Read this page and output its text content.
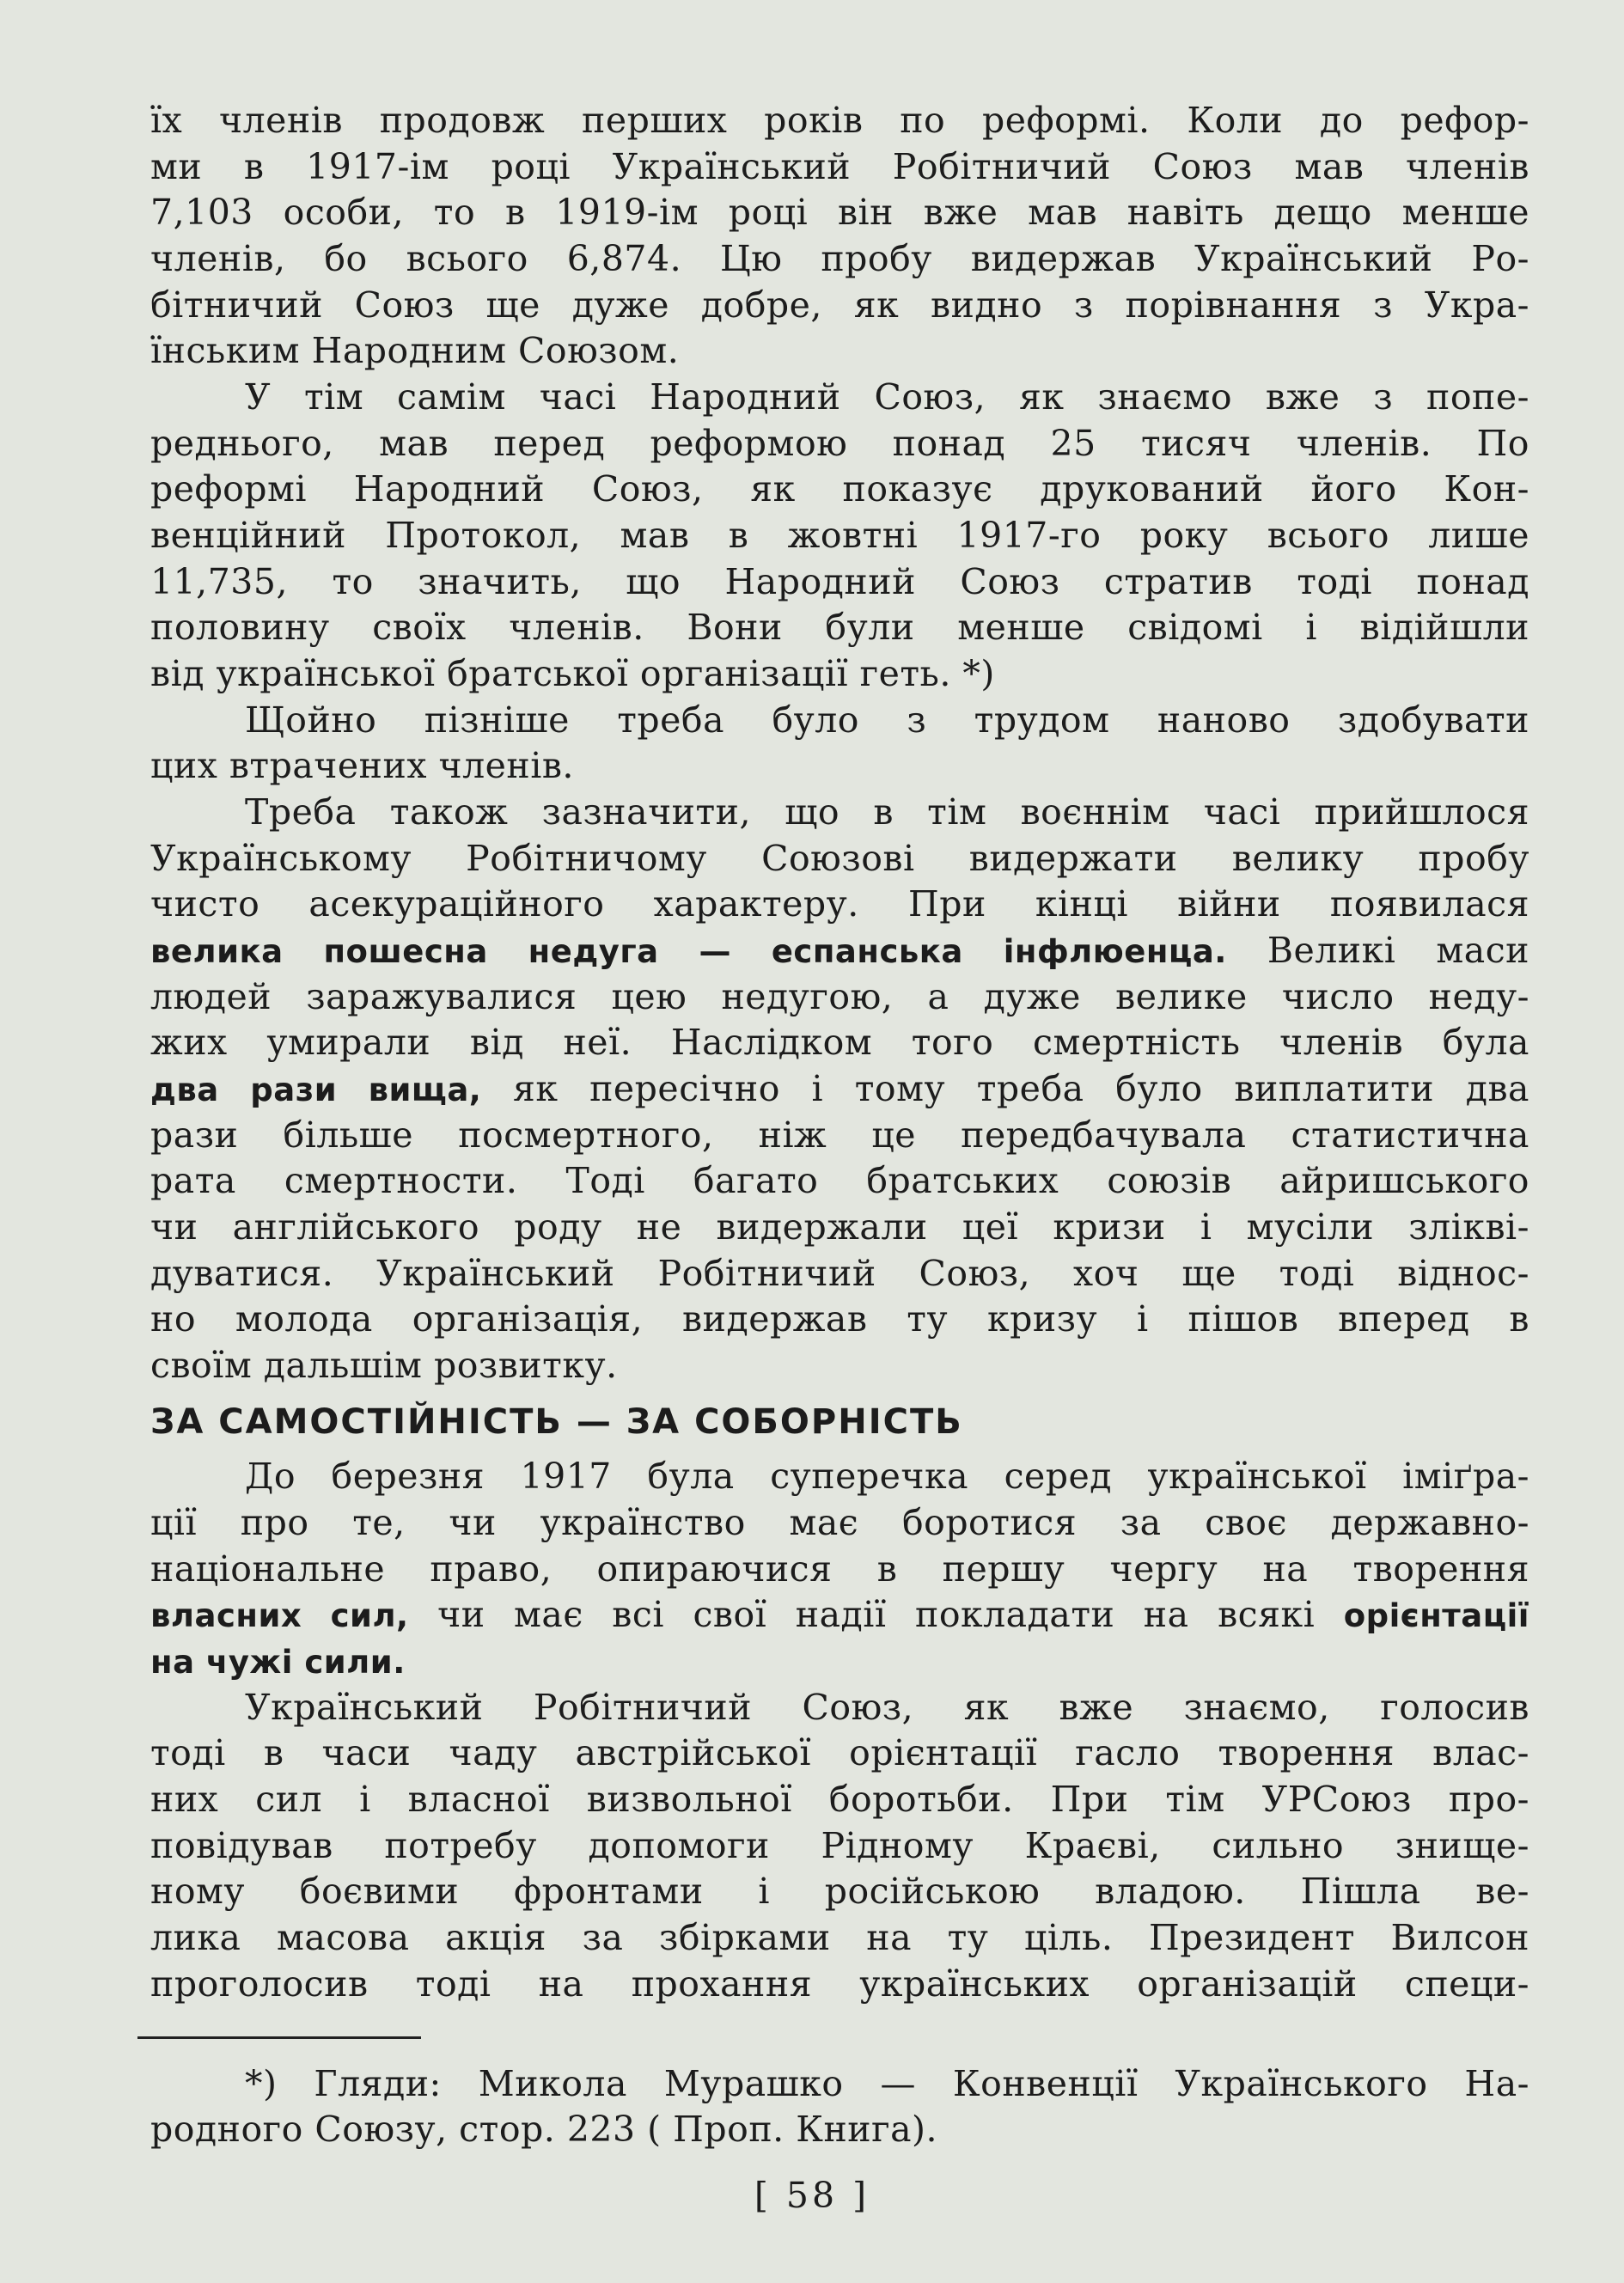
їх членів продовж перших років по реформі. Коли до рефор-
ми в 1917-ім році Український Робітничий Союз мав членів
7,103 особи, то в 1919-ім році він вже мав навіть дещо менше
членів, бо всього 6,874. Цю пробу видержав Український Ро-
бітничий Союз ще дуже добре, як видно з порівнання з Укра-
їнським Народним Союзом.
У тім самім часі Народний Союз, як знаємо вже з попе-
реднього, мав перед реформою понад 25 тисяч членів. По
реформі Народний Союз, як показує друкований його Кон-
венційний Протокол, мав в жовтні 1917-го року всього лише
11,735, то значить, що Народний Союз стратив тоді понад
половину своїх членів. Вони були менше свідомі і відійшли
від української братської організації геть. *)
Щойно пізніше треба було з трудом наново здобувати
цих втрачених членів.
Треба також зазначити, що в тім воєннім часі прийшлося
Українському Робітничому Союзові видержати велику пробу
чисто асекураційного характеру. При кінці війни появилася
велика пошесна недуга — еспанська інфлюенца. Великі маси
людей заражувалися цею недугою, а дуже велике число неду-
жих умирали від неї. Наслідком того смертність членів була
два рази вища, як пересічно і тому треба було виплатити два
рази більше посмертного, ніж це передбачувала статистична
рата смертности. Тоді багато братських союзів айришського
чи англійського роду не видержали цеї кризи і мусіли злікві-
дуватися. Український Робітничий Союз, хоч ще тоді віднос-
но молода організація, видержав ту кризу і пішов вперед в
своїм дальшім розвитку.
ЗА САМОСТІЙНІСТЬ — ЗА СОБОРНІСТЬ
До березня 1917 була суперечка серед української іміґра-
ції про те, чи українство має боротися за своє державно-
національне право, опираючися в першу чергу на творення
власних сил, чи має всі свої надії покладати на всякі орієнтації
на чужі сили.
Український Робітничий Союз, як вже знаємо, голосив
тоді в часи чаду австрійської орієнтації гасло творення влас-
них сил і власної визвольної боротьби. При тім УРСоюз про-
повідував потребу допомоги Рідному Краєві, сильно знище-
ному боєвими фронтами і російською владою. Пішла ве-
лика масова акція за збірками на ту ціль. Президент Вилсон
проголосив тоді на прохання українських організацій специ-
*) Гляди: Микола Мурашко — Конвенції Українського На-
родного Союзу, стор. 223 ( Проп. Книга).
[ 58 ]
